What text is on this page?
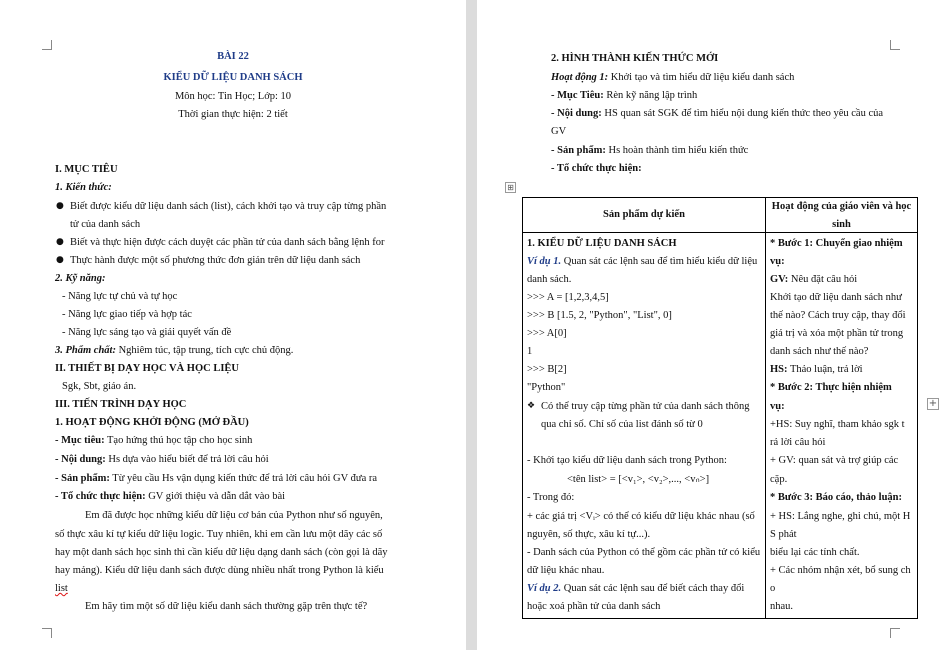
BÀI 22
KIỂU DỮ LIỆU DANH SÁCH
Môn học: Tin Học; Lớp: 10
Thời gian thực hiện: 2 tiết
I. MỤC TIÊU
1. Kiến thức:
● Biết được kiểu dữ liệu danh sách (list), cách khởi tạo và truy cập từng phần
tử của danh sách
● Biết và thực hiện được cách duyệt các phần tử của danh sách bằng lệnh for
● Thực hành được một số phương thức đơn giản trên dữ liệu danh sách
2. Kỹ năng:
- Năng lực tự chủ và tự học
- Năng lực giao tiếp và hợp tác
- Năng lực sáng tạo và giải quyết vấn đề
3. Phẩm chất: Nghiêm túc, tập trung, tích cực chủ động.
II. THIẾT BỊ DẠY HỌC VÀ HỌC LIỆU
Sgk, Sbt, giáo án.
III. TIẾN TRÌNH DẠY HỌC
1. HOẠT ĐỘNG KHỞI ĐỘNG (MỞ ĐẦU)
- Mục tiêu: Tạo hứng thú học tập cho học sinh
- Nội dung: Hs dựa vào hiểu biết để trả lời câu hỏi
- Sản phẩm: Từ yêu cầu Hs vận dụng kiến thức để trả lời câu hỏi GV đưa ra
- Tổ chức thực hiện: GV giới thiệu và dẫn dắt vào bài
Em đã được học những kiểu dữ liệu cơ bản của Python như số nguyên,
số thực xâu kí tự kiểu dữ liệu logic. Tuy nhiên, khi em cần lưu một dãy các số
hay một danh sách học sinh thì cần kiểu dữ liệu dạng danh sách (còn gọi là dãy
hay mảng). Kiểu dữ liệu danh sách được dùng nhiều nhất trong Python là kiểu
list
Em hãy tìm một số dữ liệu kiểu danh sách thường gặp trên thực tế?
2. HÌNH THÀNH KIẾN THỨC MỚI
Hoạt động 1: Khởi tạo và tìm hiểu dữ liệu kiểu danh sách
- Mục Tiêu: Rèn kỹ năng lập trình
- Nội dung: HS quan sát SGK để tìm hiểu nội dung kiến thức theo yêu cầu của
GV
- Sản phẩm: Hs hoàn thành tìm hiểu kiến thức
- Tổ chức thực hiện:
Sản phẩm dự kiến
Hoạt động của giáo viên và học
sinh
1. KIỂU DỮ LIỆU DANH SÁCH
Ví dụ 1. Quan sát các lệnh sau để tìm hiểu kiểu dữ liệu
danh sách.
>>> A = [1,2,3,4,5]
>>> B [1.5, 2, "Python", "List", 0]
>>> A[0]
1
>>> B[2]
"Python"
❖ Có thể truy cập từng phần tử của danh sách thông
qua chỉ số. Chỉ số của list đánh số từ 0
- Khởi tạo kiểu dữ liệu danh sách trong Python:
<tên list> = [<v₁>, <v₂>,..., <vₙ>]
- Trong đó:
+ các giá trị <Vᵢ> có thể có kiểu dữ liệu khác nhau (số
nguyên, số thực, xâu kí tự...).
- Danh sách của Python có thể gồm các phần tử có kiểu
dữ liệu khác nhau.
Ví dụ 2. Quan sát các lệnh sau để biết cách thay đổi
hoặc xoá phần tử của danh sách
* Bước 1: Chuyển giao nhiệm
vụ:
GV: Nêu đặt câu hỏi
Khởi tạo dữ liệu danh sách như
thế nào? Cách truy cập, thay đổi
giá trị và xóa một phần tử trong
danh sách như thế nào?
HS: Thảo luận, trả lời
* Bước 2: Thực hiện nhiệm
vụ:
+HS: Suy nghĩ, tham khảo sgk t
rả lời câu hỏi
+ GV: quan sát và trợ giúp các
cặp.
* Bước 3: Báo cáo, thảo luận:
+ HS: Lắng nghe, ghi chú, một H
S phát
biểu lại các tính chất.
+ Các nhóm nhận xét, bổ sung ch
o
nhau.
⊞
+
